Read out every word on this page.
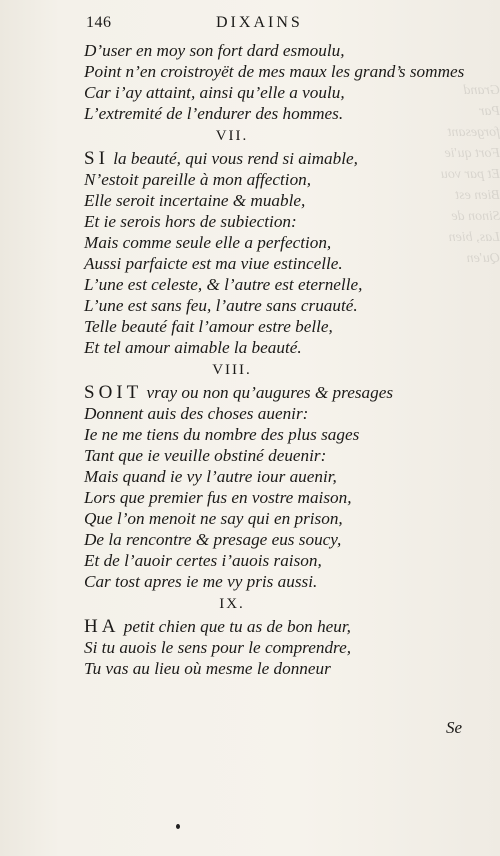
Grand
Par forgesant
Fort qu'ie
Et par vou
Bien est
Sinon de
Las, bien
Qu'en
146	DIXAINS
D’user en moy son fort dard esmoulu,
Point n’en croistroyët de mes maux les grand’s sommes
Car i’ay attaint, ainsi qu’elle a voulu,
L’extremité de l’endurer des hommes.
VII.
SI la beauté, qui vous rend si aimable,
N’estoit pareille à mon affection,
Elle seroit incertaine & muable,
Et ie serois hors de subiection:
Mais comme seule elle a perfection,
Aussi parfaicte est ma viue estincelle.
L’une est celeste, & l’autre est eternelle,
L’une est sans feu, l’autre sans cruauté.
Telle beauté fait l’amour estre belle,
Et tel amour aimable la beauté.
VIII.
SOIT vray ou non qu’augures & presages
Donnent auis des choses auenir:
Ie ne me tiens du nombre des plus sages
Tant que ie veuille obstiné deuenir:
Mais quand ie vy l’autre iour auenir,
Lors que premier fus en vostre maison,
Que l’on menoit ne say qui en prison,
De la rencontre & presage eus soucy,
Et de l’auoir certes i’auois raison,
Car tost apres ie me vy pris aussi.
IX.
HA petit chien que tu as de bon heur,
Si tu auois le sens pour le comprendre,
Tu vas au lieu où mesme le donneur
Se
